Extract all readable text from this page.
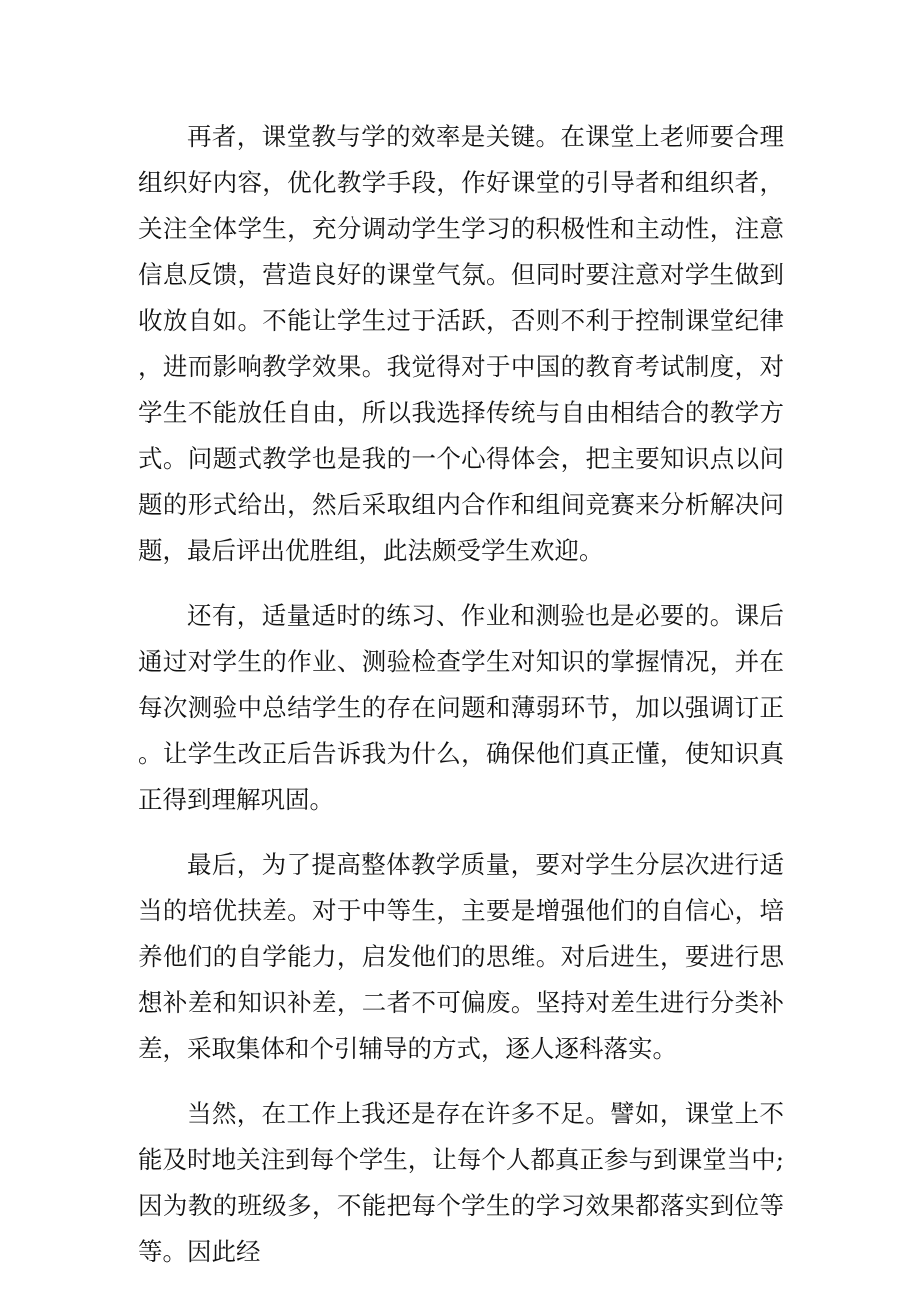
再者，课堂教与学的效率是关键。在课堂上老师要合理组织好内容，优化教学手段，作好课堂的引导者和组织者，关注全体学生，充分调动学生学习的积极性和主动性，注意信息反馈，营造良好的课堂气氛。但同时要注意对学生做到收放自如。不能让学生过于活跃，否则不利于控制课堂纪律，进而影响教学效果。我觉得对于中国的教育考试制度，对学生不能放任自由，所以我选择传统与自由相结合的教学方式。问题式教学也是我的一个心得体会，把主要知识点以问题的形式给出，然后采取组内合作和组间竞赛来分析解决问题，最后评出优胜组，此法颇受学生欢迎。

还有，适量适时的练习、作业和测验也是必要的。课后通过对学生的作业、测验检查学生对知识的掌握情况，并在每次测验中总结学生的存在问题和薄弱环节，加以强调订正。让学生改正后告诉我为什么，确保他们真正懂，使知识真正得到理解巩固。

最后，为了提高整体教学质量，要对学生分层次进行适当的培优扶差。对于中等生，主要是增强他们的自信心，培养他们的自学能力，启发他们的思维。对后进生，要进行思想补差和知识补差，二者不可偏废。坚持对差生进行分类补差，采取集体和个引辅导的方式，逐人逐科落实。

当然，在工作上我还是存在许多不足。譬如，课堂上不能及时地关注到每个学生，让每个人都真正参与到课堂当中;因为教的班级多，不能把每个学生的学习效果都落实到位等等。因此经
